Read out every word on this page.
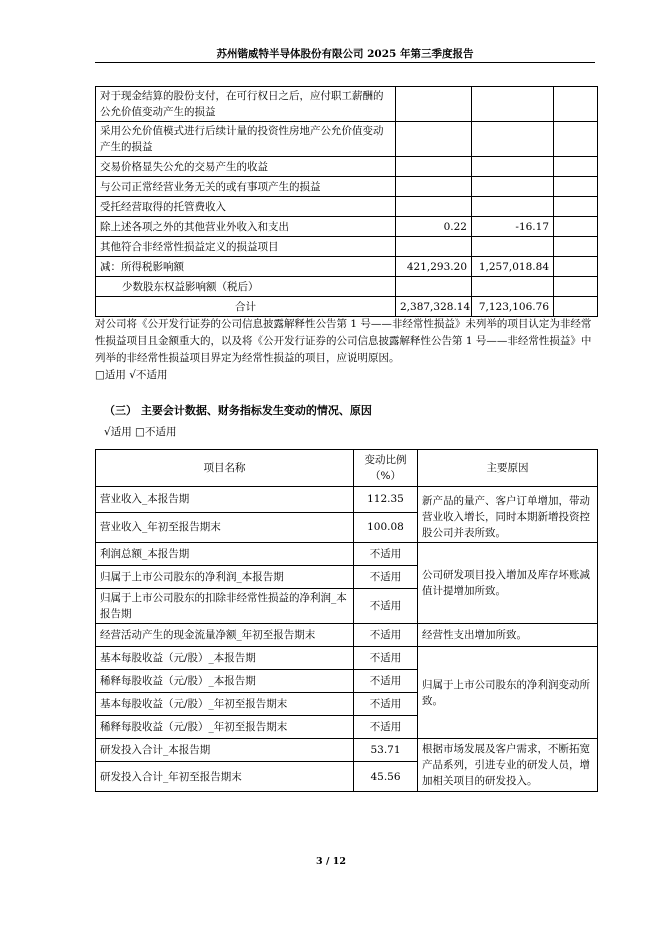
苏州锴威特半导体股份有限公司 2025 年第三季度报告
对于现金结算的股份支付，在可行权日之后，应付职工薪酬的公允价值变动产生的损益			
采用公允价值模式进行后续计量的投资性房地产公允价值变动产生的损益			
交易价格显失公允的交易产生的收益			
与公司正常经营业务无关的或有事项产生的损益			
受托经营取得的托管费收入			
除上述各项之外的其他营业外收入和支出	0.22	-16.17	
其他符合非经常性损益定义的损益项目			
减：所得税影响额	421,293.20	1,257,018.84	
少数股东权益影响额（税后）			
合计	2,387,328.14	7,123,106.76	

对公司将《公开发行证券的公司信息披露解释性公告第 1 号——非经常性损益》未列举的项目认定为非经常性损益项目且金额重大的，以及将《公开发行证券的公司信息披露解释性公告第 1 号——非经常性损益》中列举的非经常性损益项目界定为经常性损益的项目，应说明原因。

□适用 √不适用

（三） 主要会计数据、财务指标发生变动的情况、原因
√适用 □不适用
项目名称	变动比例（%）	主要原因
营业收入_本报告期	112.35	新产品的量产、客户订单增加，带动营业收入增长，同时本期新增投资控股公司并表所致。
营业收入_年初至报告期末	100.08	
利润总额_本报告期	不适用	公司研发项目投入增加及库存坏账减值计提增加所致。
归属于上市公司股东的净利润_本报告期	不适用	
归属于上市公司股东的扣除非经常性损益的净利润_本报告期	不适用	
经营活动产生的现金流量净额_年初至报告期末	不适用	经营性支出增加所致。
基本每股收益（元/股）_本报告期	不适用	归属于上市公司股东的净利润变动所致。
稀释每股收益（元/股）_本报告期	不适用	
基本每股收益（元/股）_年初至报告期末	不适用	
稀释每股收益（元/股）_年初至报告期末	不适用	
研发投入合计_本报告期	53.71	根据市场发展及客户需求，不断拓宽产品系列，引进专业的研发人员，增加相关项目的研发投入。
研发投入合计_年初至报告期末	45.56	
3 / 12
